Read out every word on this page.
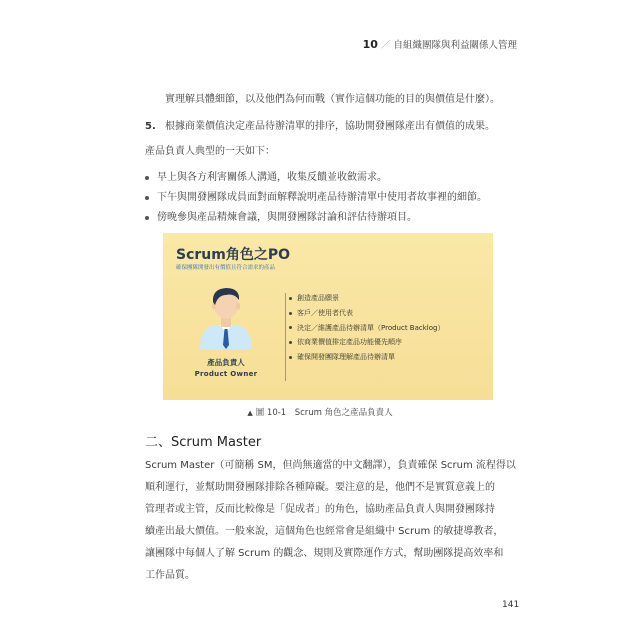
10 ／ 自組織團隊與利益關係人管理
實理解具體細節，以及他們為何而戰（實作這個功能的目的與價值是什麼）。
5. 根據商業價值決定產品待辦清單的排序，協助開發團隊產出有價值的成果。
產品負責人典型的一天如下：
早上與各方利害關係人溝通，收集反饋並收斂需求。
下午與開發團隊成員面對面解釋說明產品待辦清單中使用者故事裡的細節。
傍晚參與產品精煉會議，與開發團隊討論和評估待辦項目。
Scrum角色之PO
確保團隊開發出有價值且符合需求的產品
產品負責人
Product Owner
創造產品願景
客戶／使用者代表
決定／維護產品待辦清單（Product Backlog）
依商業價值排定產品功能優先順序
確保開發團隊理解產品待辦清單
▲ 圖 10-1　Scrum 角色之產品負責人
二、Scrum Master
Scrum Master（可簡稱 SM，但尚無適當的中文翻譯），負責確保 Scrum 流程得以
順利運行，並幫助開發團隊排除各種障礙。要注意的是，他們不是實質意義上的
管理者或主管，反而比較像是「促成者」的角色，協助產品負責人與開發團隊持
續產出最大價值。一般來說，這個角色也經常會是組織中 Scrum 的敏捷導教者，
讓團隊中每個人了解 Scrum 的觀念、規則及實際運作方式，幫助團隊提高效率和
工作品質。
141
